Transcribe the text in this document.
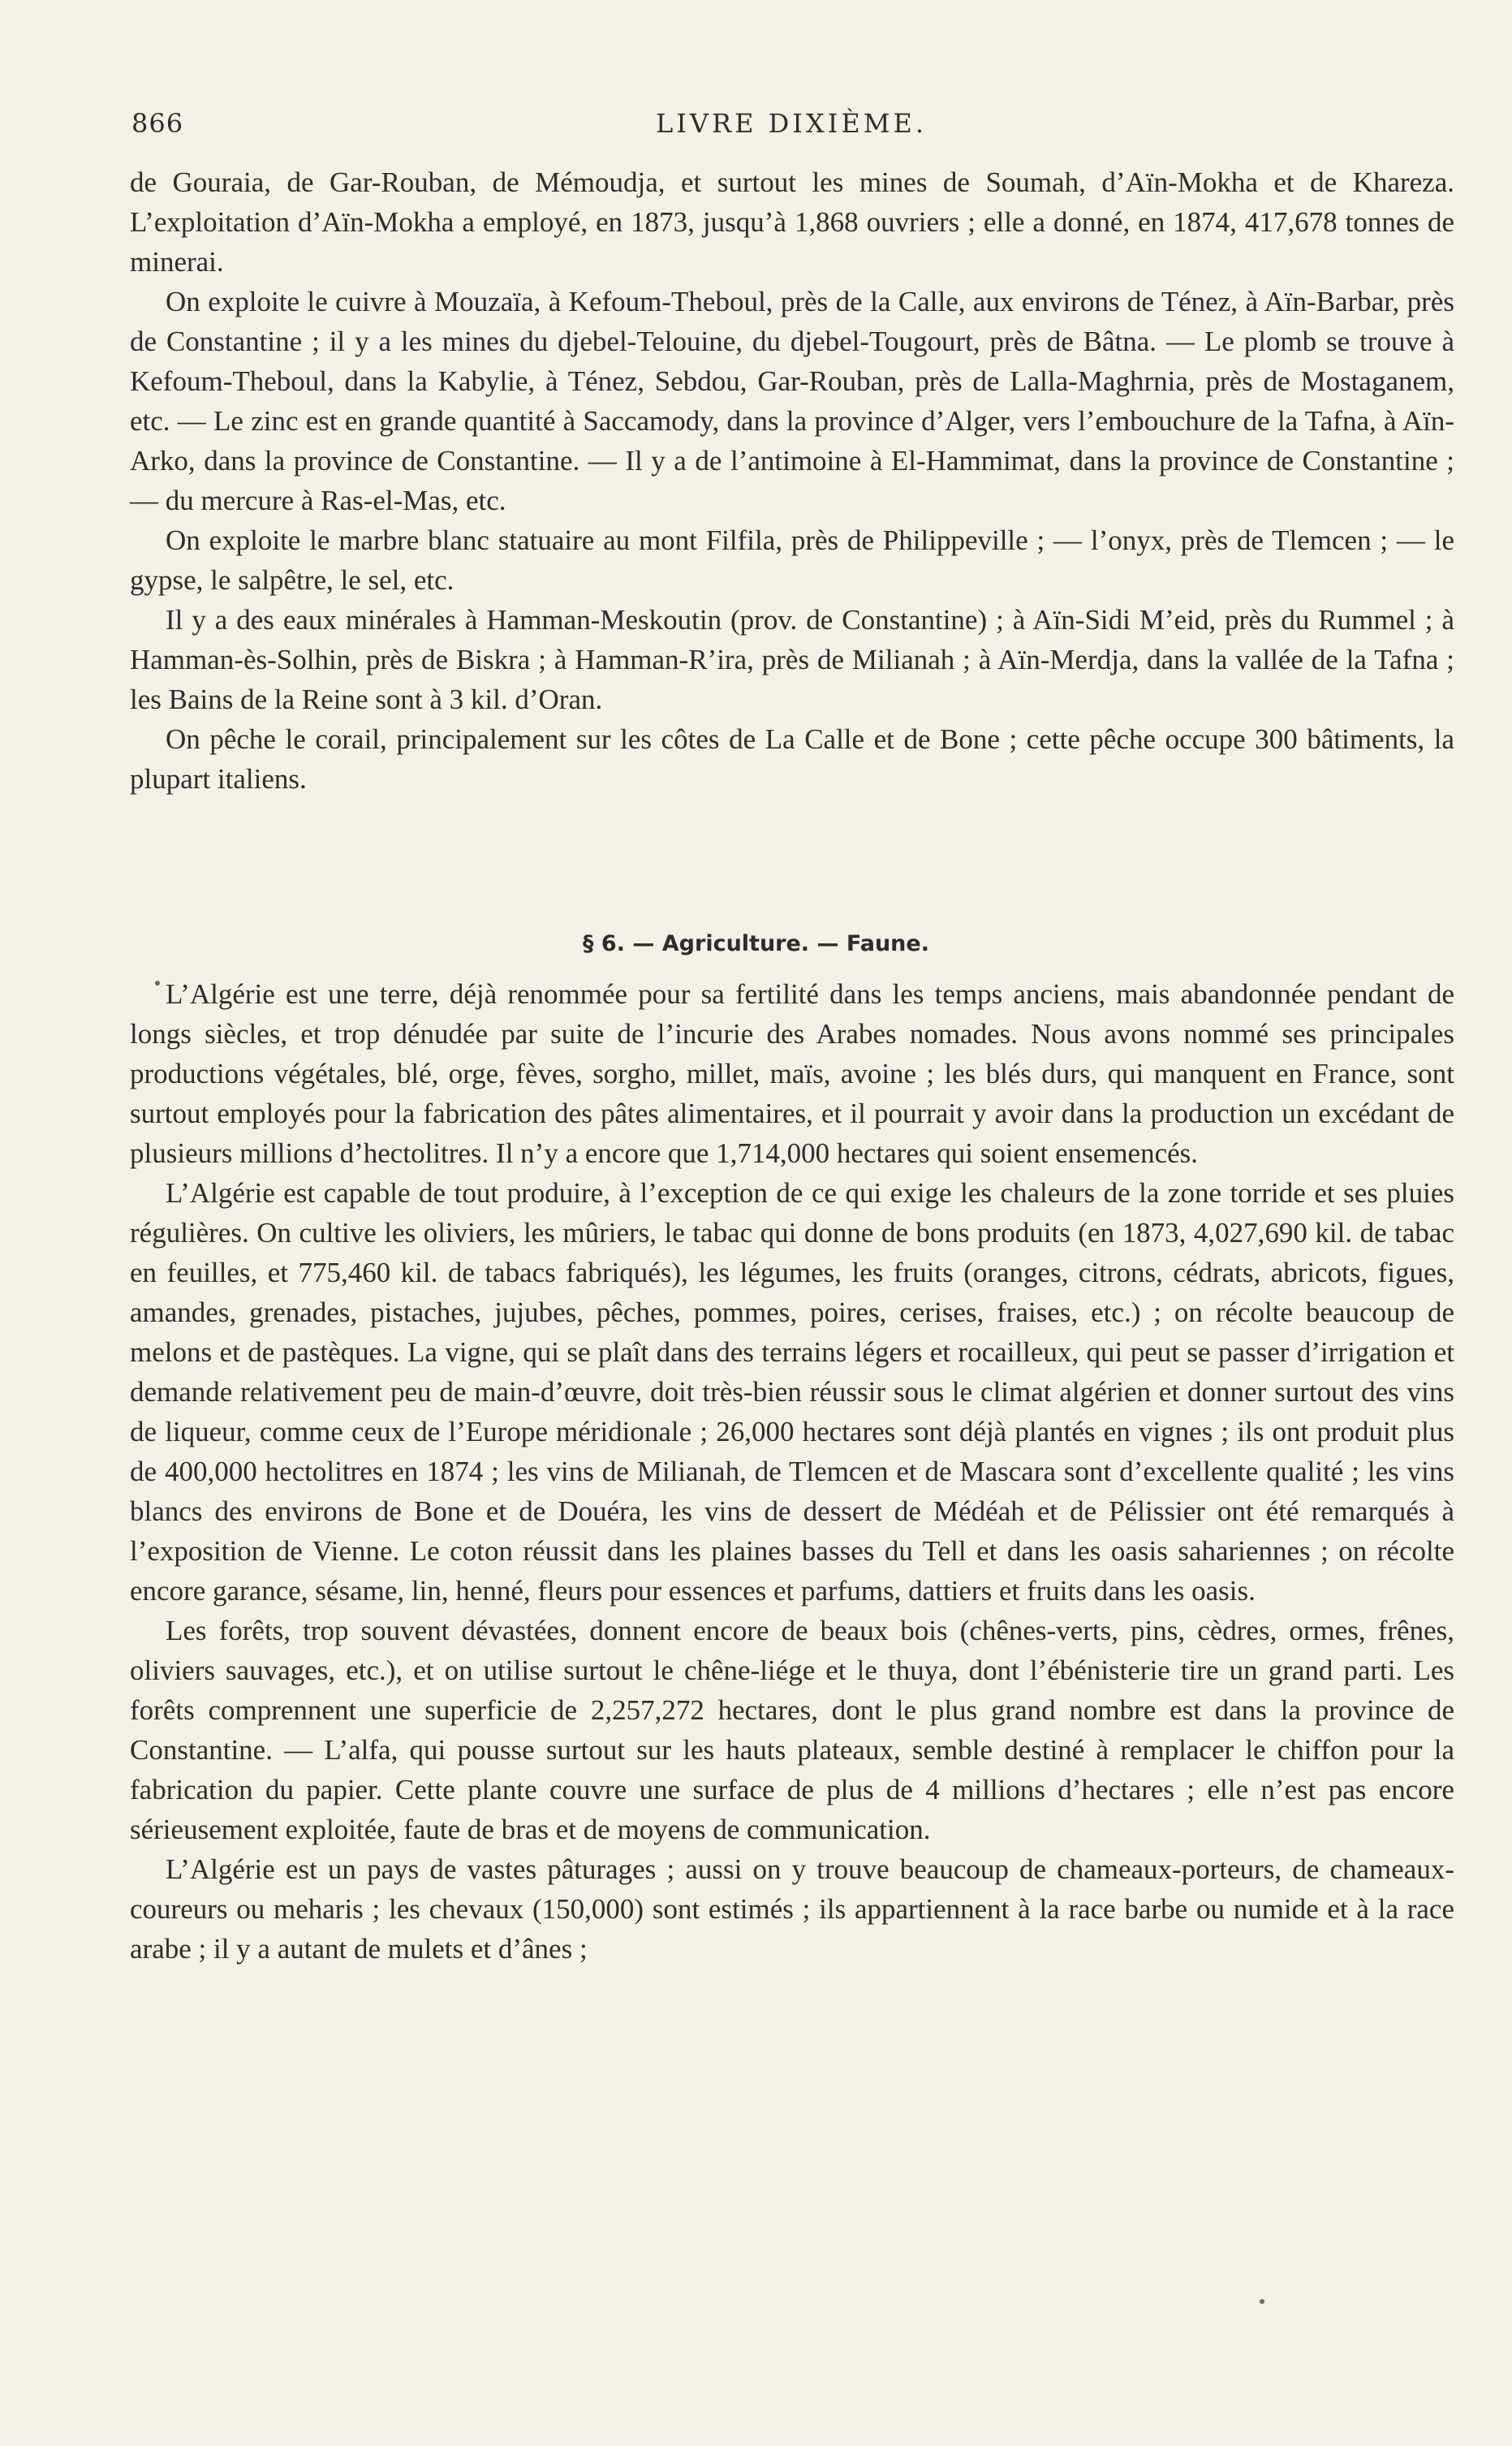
866	LIVRE DIXIÈME.

de Gouraia, de Gar-Rouban, de Mémoudja, et surtout les mines de Soumah, d’Aïn-Mokha et de Khareza. L’exploitation d’Aïn-Mokha a employé, en 1873, jusqu’à 1,868 ouvriers ; elle a donné, en 1874, 417,678 tonnes de minerai.

On exploite le cuivre à Mouzaïa, à Kefoum-Theboul, près de la Calle, aux environs de Ténez, à Aïn-Barbar, près de Constantine ; il y a les mines du djebel-Telouine, du djebel-Tougourt, près de Bâtna. — Le plomb se trouve à Kefoum-Theboul, dans la Kabylie, à Ténez, Sebdou, Gar-Rouban, près de Lalla-Maghrnia, près de Mostaganem, etc. — Le zinc est en grande quantité à Saccamody, dans la province d’Alger, vers l’embouchure de la Tafna, à Aïn-Arko, dans la province de Constantine. — Il y a de l’antimoine à El-Hammimat, dans la province de Constantine ; — du mercure à Ras-el-Mas, etc.

On exploite le marbre blanc statuaire au mont Filfila, près de Philippeville ; — l’onyx, près de Tlemcen ; — le gypse, le salpêtre, le sel, etc.

Il y a des eaux minérales à Hamman-Meskoutin (prov. de Constantine) ; à Aïn-Sidi M’eid, près du Rummel ; à Hamman-ès-Solhin, près de Biskra ; à Hamman-R’ira, près de Milianah ; à Aïn-Merdja, dans la vallée de la Tafna ; les Bains de la Reine sont à 3 kil. d’Oran.

On pêche le corail, principalement sur les côtes de La Calle et de Bone ; cette pêche occupe 300 bâtiments, la plupart italiens.

§ 6. — Agriculture. — Faune.

L’Algérie est une terre, déjà renommée pour sa fertilité dans les temps anciens, mais abandonnée pendant de longs siècles, et trop dénudée par suite de l’incurie des Arabes nomades. Nous avons nommé ses principales productions végétales, blé, orge, fèves, sorgho, millet, maïs, avoine ; les blés durs, qui manquent en France, sont surtout employés pour la fabrication des pâtes alimentaires, et il pourrait y avoir dans la production un excédant de plusieurs millions d’hectolitres. Il n’y a encore que 1,714,000 hectares qui soient ensemencés.

L’Algérie est capable de tout produire, à l’exception de ce qui exige les chaleurs de la zone torride et ses pluies régulières. On cultive les oliviers, les mûriers, le tabac qui donne de bons produits (en 1873, 4,027,690 kil. de tabac en feuilles, et 775,460 kil. de tabacs fabriqués), les légumes, les fruits (oranges, citrons, cédrats, abricots, figues, amandes, grenades, pistaches, jujubes, pêches, pommes, poires, cerises, fraises, etc.) ; on récolte beaucoup de melons et de pastèques. La vigne, qui se plaît dans des terrains légers et rocailleux, qui peut se passer d’irrigation et demande relativement peu de main-d’œuvre, doit très-bien réussir sous le climat algérien et donner surtout des vins de liqueur, comme ceux de l’Europe méridionale ; 26,000 hectares sont déjà plantés en vignes ; ils ont produit plus de 400,000 hectolitres en 1874 ; les vins de Milianah, de Tlemcen et de Mascara sont d’excellente qualité ; les vins blancs des environs de Bone et de Douéra, les vins de dessert de Médéah et de Pélissier ont été remarqués à l’exposition de Vienne. Le coton réussit dans les plaines basses du Tell et dans les oasis sahariennes ; on récolte encore garance, sésame, lin, henné, fleurs pour essences et parfums, dattiers et fruits dans les oasis.

Les forêts, trop souvent dévastées, donnent encore de beaux bois (chênes-verts, pins, cèdres, ormes, frênes, oliviers sauvages, etc.), et on utilise surtout le chêne-liége et le thuya, dont l’ébénisterie tire un grand parti. Les forêts comprennent une superficie de 2,257,272 hectares, dont le plus grand nombre est dans la province de Constantine. — L’alfa, qui pousse surtout sur les hauts plateaux, semble destiné à remplacer le chiffon pour la fabrication du papier. Cette plante couvre une surface de plus de 4 millions d’hectares ; elle n’est pas encore sérieusement exploitée, faute de bras et de moyens de communication.

L’Algérie est un pays de vastes pâturages ; aussi on y trouve beaucoup de chameaux-porteurs, de chameaux-coureurs ou meharis ; les chevaux (150,000) sont estimés ; ils appartiennent à la race barbe ou numide et à la race arabe ; il y a autant de mulets et d’ânes ;
